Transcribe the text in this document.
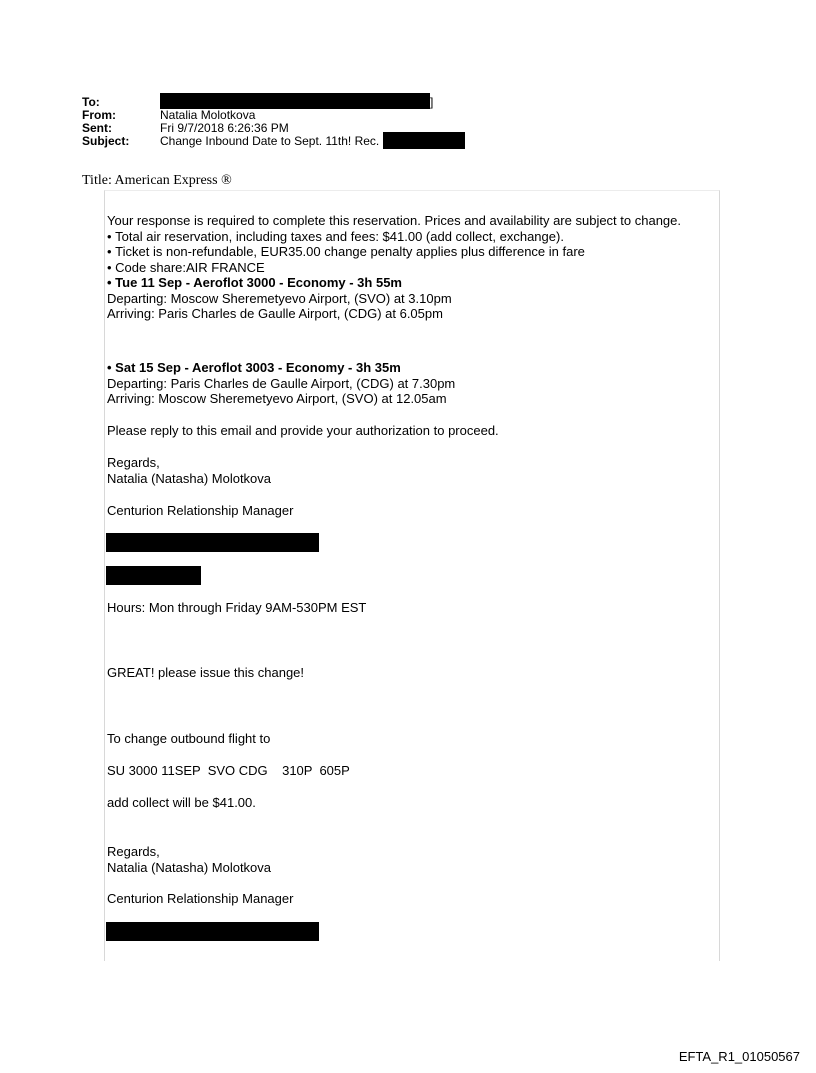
To:	]
From:	Natalia Molotkova
Sent:	Fri 9/7/2018 6:26:36 PM
Subject:	Change Inbound Date to Sept. 11th! Rec.
Title: American Express ®

Your response is required to complete this reservation. Prices and availability are subject to change.

• Total air reservation, including taxes and fees: $41.00 (add collect, exchange).

• Ticket is non-refundable, EUR35.00 change penalty applies plus difference in fare

• Code share:AIR FRANCE

• Tue 11 Sep - Aeroflot 3000 - Economy - 3h 55m

Departing: Moscow Sheremetyevo Airport, (SVO) at 3.10pm

Arriving: Paris Charles de Gaulle Airport, (CDG) at 6.05pm

• Sat 15 Sep - Aeroflot 3003 - Economy - 3h 35m

Departing: Paris Charles de Gaulle Airport, (CDG) at 7.30pm

Arriving: Moscow Sheremetyevo Airport, (SVO) at 12.05am

Please reply to this email and provide your authorization to proceed.

Regards,

Natalia (Natasha) Molotkova

Centurion Relationship Manager
Hours: Mon through Friday 9AM-530PM EST
GREAT! please issue this change!
To change outbound flight to
SU 3000 11SEP  SVO CDG    310P  605P
add collect will be $41.00.

Regards,

Natalia (Natasha) Molotkova

Centurion Relationship Manager
EFTA_R1_01050567
